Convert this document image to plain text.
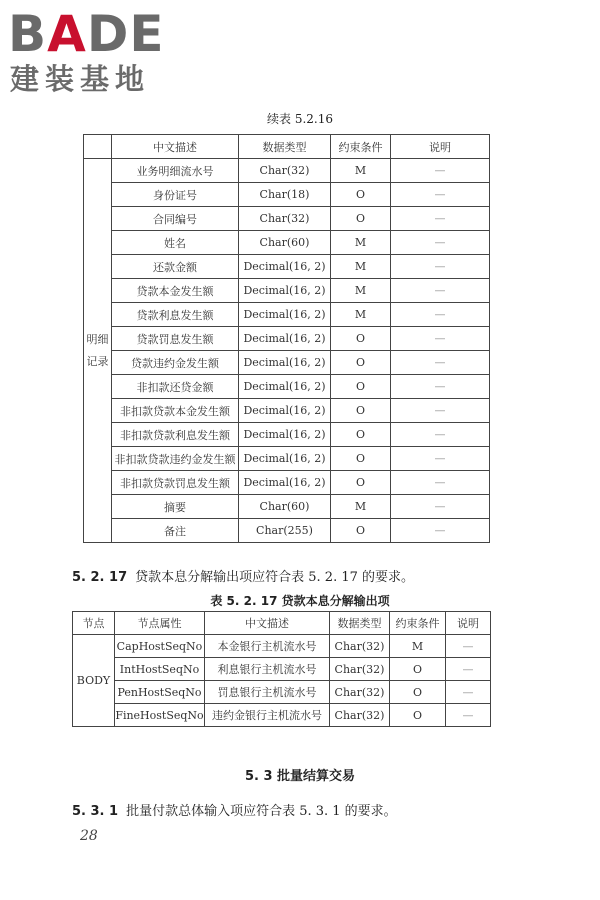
BADE
建装基地
续表 5.2.16
	中文描述	数据类型	约束条件	说明

明细
记录	业务明细流水号	Char(32)	M	—
	身份证号	Char(18)	O	—
	合同编号	Char(32)	O	—
	姓名	Char(60)	M	—
	还款金额	Decimal(16, 2)	M	—
	贷款本金发生额	Decimal(16, 2)	M	—
	贷款利息发生额	Decimal(16, 2)	M	—
	贷款罚息发生额	Decimal(16, 2)	O	—
	贷款违约金发生额	Decimal(16, 2)	O	—
	非扣款还贷金额	Decimal(16, 2)	O	—
	非扣款贷款本金发生额	Decimal(16, 2)	O	—
	非扣款贷款利息发生额	Decimal(16, 2)	O	—
	非扣款贷款违约金发生额	Decimal(16, 2)	O	—
	非扣款贷款罚息发生额	Decimal(16, 2)	O	—
	摘要	Char(60)	M	—
	备注	Char(255)	O	—
5. 2. 17 贷款本息分解输出项应符合表 5. 2. 17 的要求。
表 5. 2. 17 贷款本息分解输出项
节点	节点属性	中文描述	数据类型	约束条件	说明
BODY	CapHostSeqNo	本金银行主机流水号	Char(32)	M	—
	IntHostSeqNo	利息银行主机流水号	Char(32)	O	—
	PenHostSeqNo	罚息银行主机流水号	Char(32)	O	—
	FineHostSeqNo	违约金银行主机流水号	Char(32)	O	—
5. 3 批量结算交易
5. 3. 1 批量付款总体输入项应符合表 5. 3. 1 的要求。
28
